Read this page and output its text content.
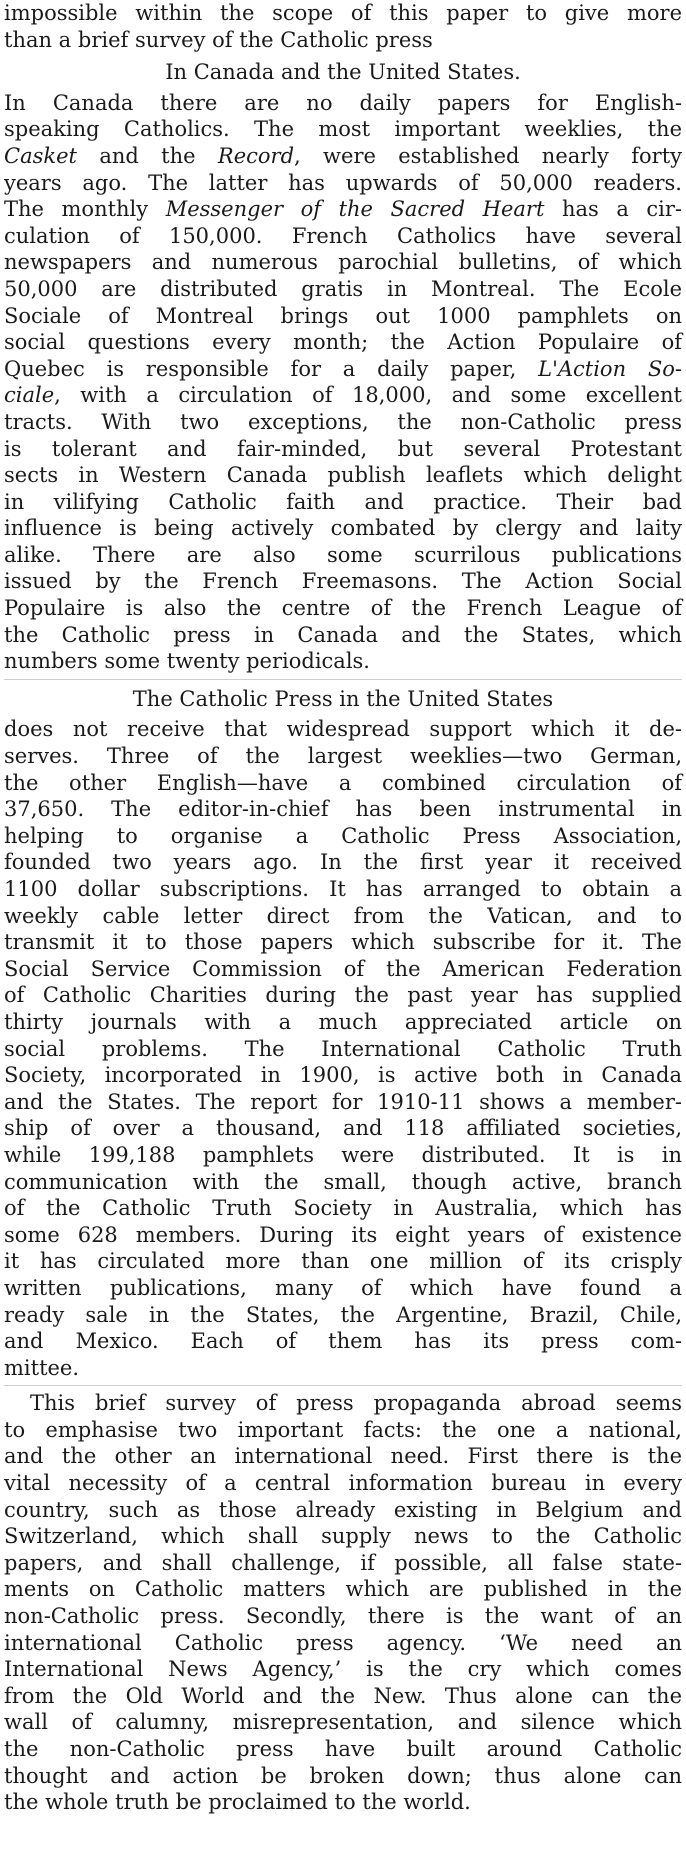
impossible within the scope of this paper to give more
than a brief survey of the Catholic press
In Canada and the United States.
In Canada there are no daily papers for English-
speaking Catholics. The most important weeklies, the
Casket and the Record, were established nearly forty
years ago. The latter has upwards of 50,000 readers.
The monthly Messenger of the Sacred Heart has a cir-
culation of 150,000. French Catholics have several
newspapers and numerous parochial bulletins, of which
50,000 are distributed gratis in Montreal. The Ecole
Sociale of Montreal brings out 1000 pamphlets on
social questions every month; the Action Populaire of
Quebec is responsible for a daily paper, L'Action So-
ciale, with a circulation of 18,000, and some excellent
tracts. With two exceptions, the non-Catholic press
is tolerant and fair-minded, but several Protestant
sects in Western Canada publish leaflets which delight
in vilifying Catholic faith and practice. Their bad
influence is being actively combated by clergy and laity
alike. There are also some scurrilous publications
issued by the French Freemasons. The Action Social
Populaire is also the centre of the French League of
the Catholic press in Canada and the States, which
numbers some twenty periodicals.
The Catholic Press in the United States
does not receive that widespread support which it de-
serves. Three of the largest weeklies—two German,
the other English—have a combined circulation of
37,650. The editor-in-chief has been instrumental in
helping to organise a Catholic Press Association,
founded two years ago. In the first year it received
1100 dollar subscriptions. It has arranged to obtain a
weekly cable letter direct from the Vatican, and to
transmit it to those papers which subscribe for it. The
Social Service Commission of the American Federation
of Catholic Charities during the past year has supplied
thirty journals with a much appreciated article on
social problems. The International Catholic Truth
Society, incorporated in 1900, is active both in Canada
and the States. The report for 1910-11 shows a member-
ship of over a thousand, and 118 affiliated societies,
while 199,188 pamphlets were distributed. It is in
communication with the small, though active, branch
of the Catholic Truth Society in Australia, which has
some 628 members. During its eight years of existence
it has circulated more than one million of its crisply
written publications, many of which have found a
ready sale in the States, the Argentine, Brazil, Chile,
and Mexico. Each of them has its press com-
mittee.
This brief survey of press propaganda abroad seems
to emphasise two important facts: the one a national,
and the other an international need. First there is the
vital necessity of a central information bureau in every
country, such as those already existing in Belgium and
Switzerland, which shall supply news to the Catholic
papers, and shall challenge, if possible, all false state-
ments on Catholic matters which are published in the
non-Catholic press. Secondly, there is the want of an
international Catholic press agency. ‘We need an
International News Agency,’ is the cry which comes
from the Old World and the New. Thus alone can the
wall of calumny, misrepresentation, and silence which
the non-Catholic press have built around Catholic
thought and action be broken down; thus alone can
the whole truth be proclaimed to the world.
